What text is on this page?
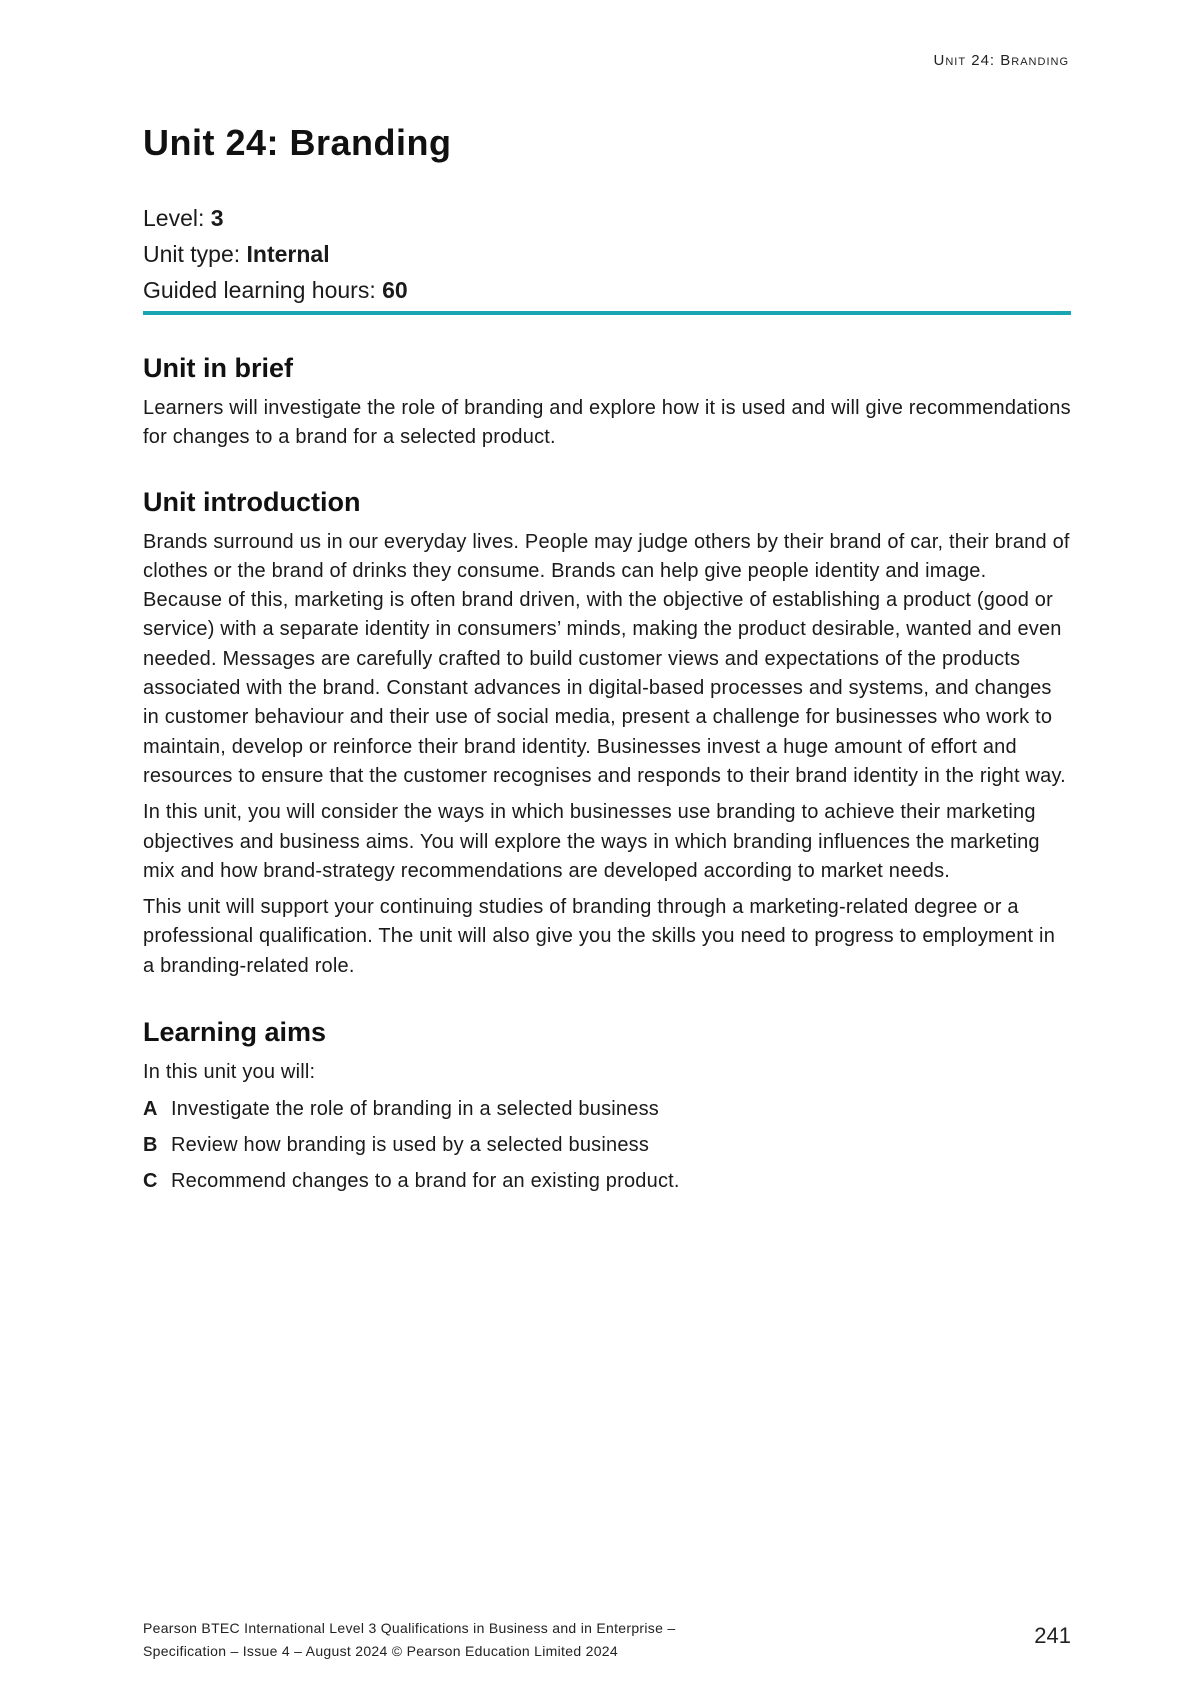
Unit 24: Branding
Unit 24: Branding
Level: 3
Unit type: Internal
Guided learning hours: 60
Unit in brief

Learners will investigate the role of branding and explore how it is used and will give recommendations for changes to a brand for a selected product.

Unit introduction

Brands surround us in our everyday lives. People may judge others by their brand of car, their brand of clothes or the brand of drinks they consume. Brands can help give people identity and image. Because of this, marketing is often brand driven, with the objective of establishing a product (good or service) with a separate identity in consumers’ minds, making the product desirable, wanted and even needed. Messages are carefully crafted to build customer views and expectations of the products associated with the brand. Constant advances in digital-based processes and systems, and changes in customer behaviour and their use of social media, present a challenge for businesses who work to maintain, develop or reinforce their brand identity. Businesses invest a huge amount of effort and resources to ensure that the customer recognises and responds to their brand identity in the right way.

In this unit, you will consider the ways in which businesses use branding to achieve their marketing objectives and business aims. You will explore the ways in which branding influences the marketing mix and how brand-strategy recommendations are developed according to market needs.

This unit will support your continuing studies of branding through a marketing-related degree or a professional qualification. The unit will also give you the skills you need to progress to employment in a branding-related role.

Learning aims

In this unit you will:

A Investigate the role of branding in a selected business
B Review how branding is used by a selected business
C Recommend changes to a brand for an existing product.
Pearson BTEC International Level 3 Qualifications in Business and in Enterprise –
Specification – Issue 4 – August 2024 © Pearson Education Limited 2024
241
